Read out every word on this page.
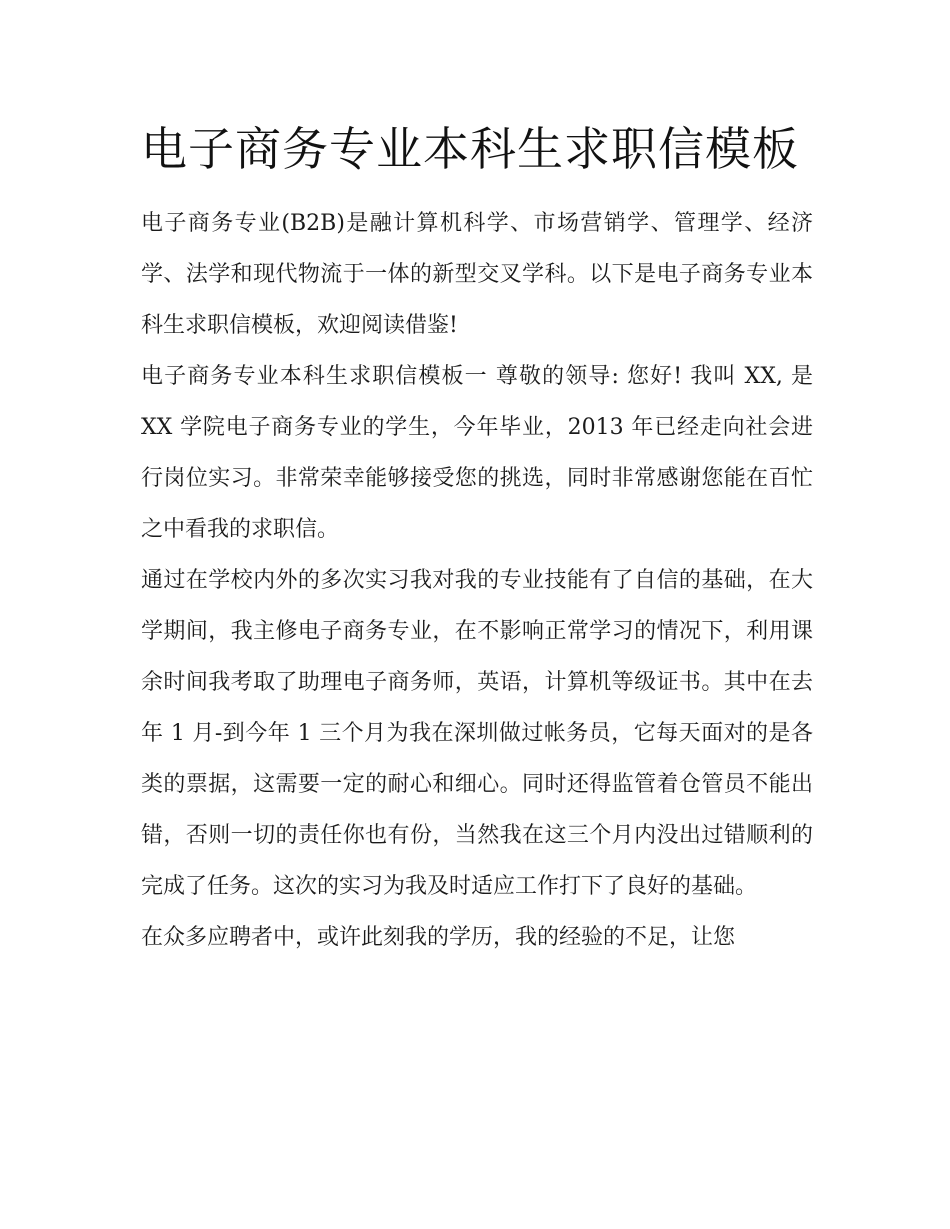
电子商务专业本科生求职信模板

电子商务专业(B2B)是融计算机科学、市场营销学、管理学、经济学、法学和现代物流于一体的新型交叉学科。以下是电子商务专业本科生求职信模板，欢迎阅读借鉴!

电子商务专业本科生求职信模板一 尊敬的领导: 您好! 我叫 XX, 是 XX 学院电子商务专业的学生，今年毕业，2013 年已经走向社会进行岗位实习。非常荣幸能够接受您的挑选，同时非常感谢您能在百忙之中看我的求职信。

通过在学校内外的多次实习我对我的专业技能有了自信的基础，在大学期间，我主修电子商务专业，在不影响正常学习的情况下，利用课余时间我考取了助理电子商务师，英语，计算机等级证书。其中在去年 1 月-到今年 1 三个月为我在深圳做过帐务员，它每天面对的是各类的票据，这需要一定的耐心和细心。同时还得监管着仓管员不能出错，否则一切的责任你也有份，当然我在这三个月内没出过错顺利的完成了任务。这次的实习为我及时适应工作打下了良好的基础。

在众多应聘者中，或许此刻我的学历，我的经验的不足，让您
